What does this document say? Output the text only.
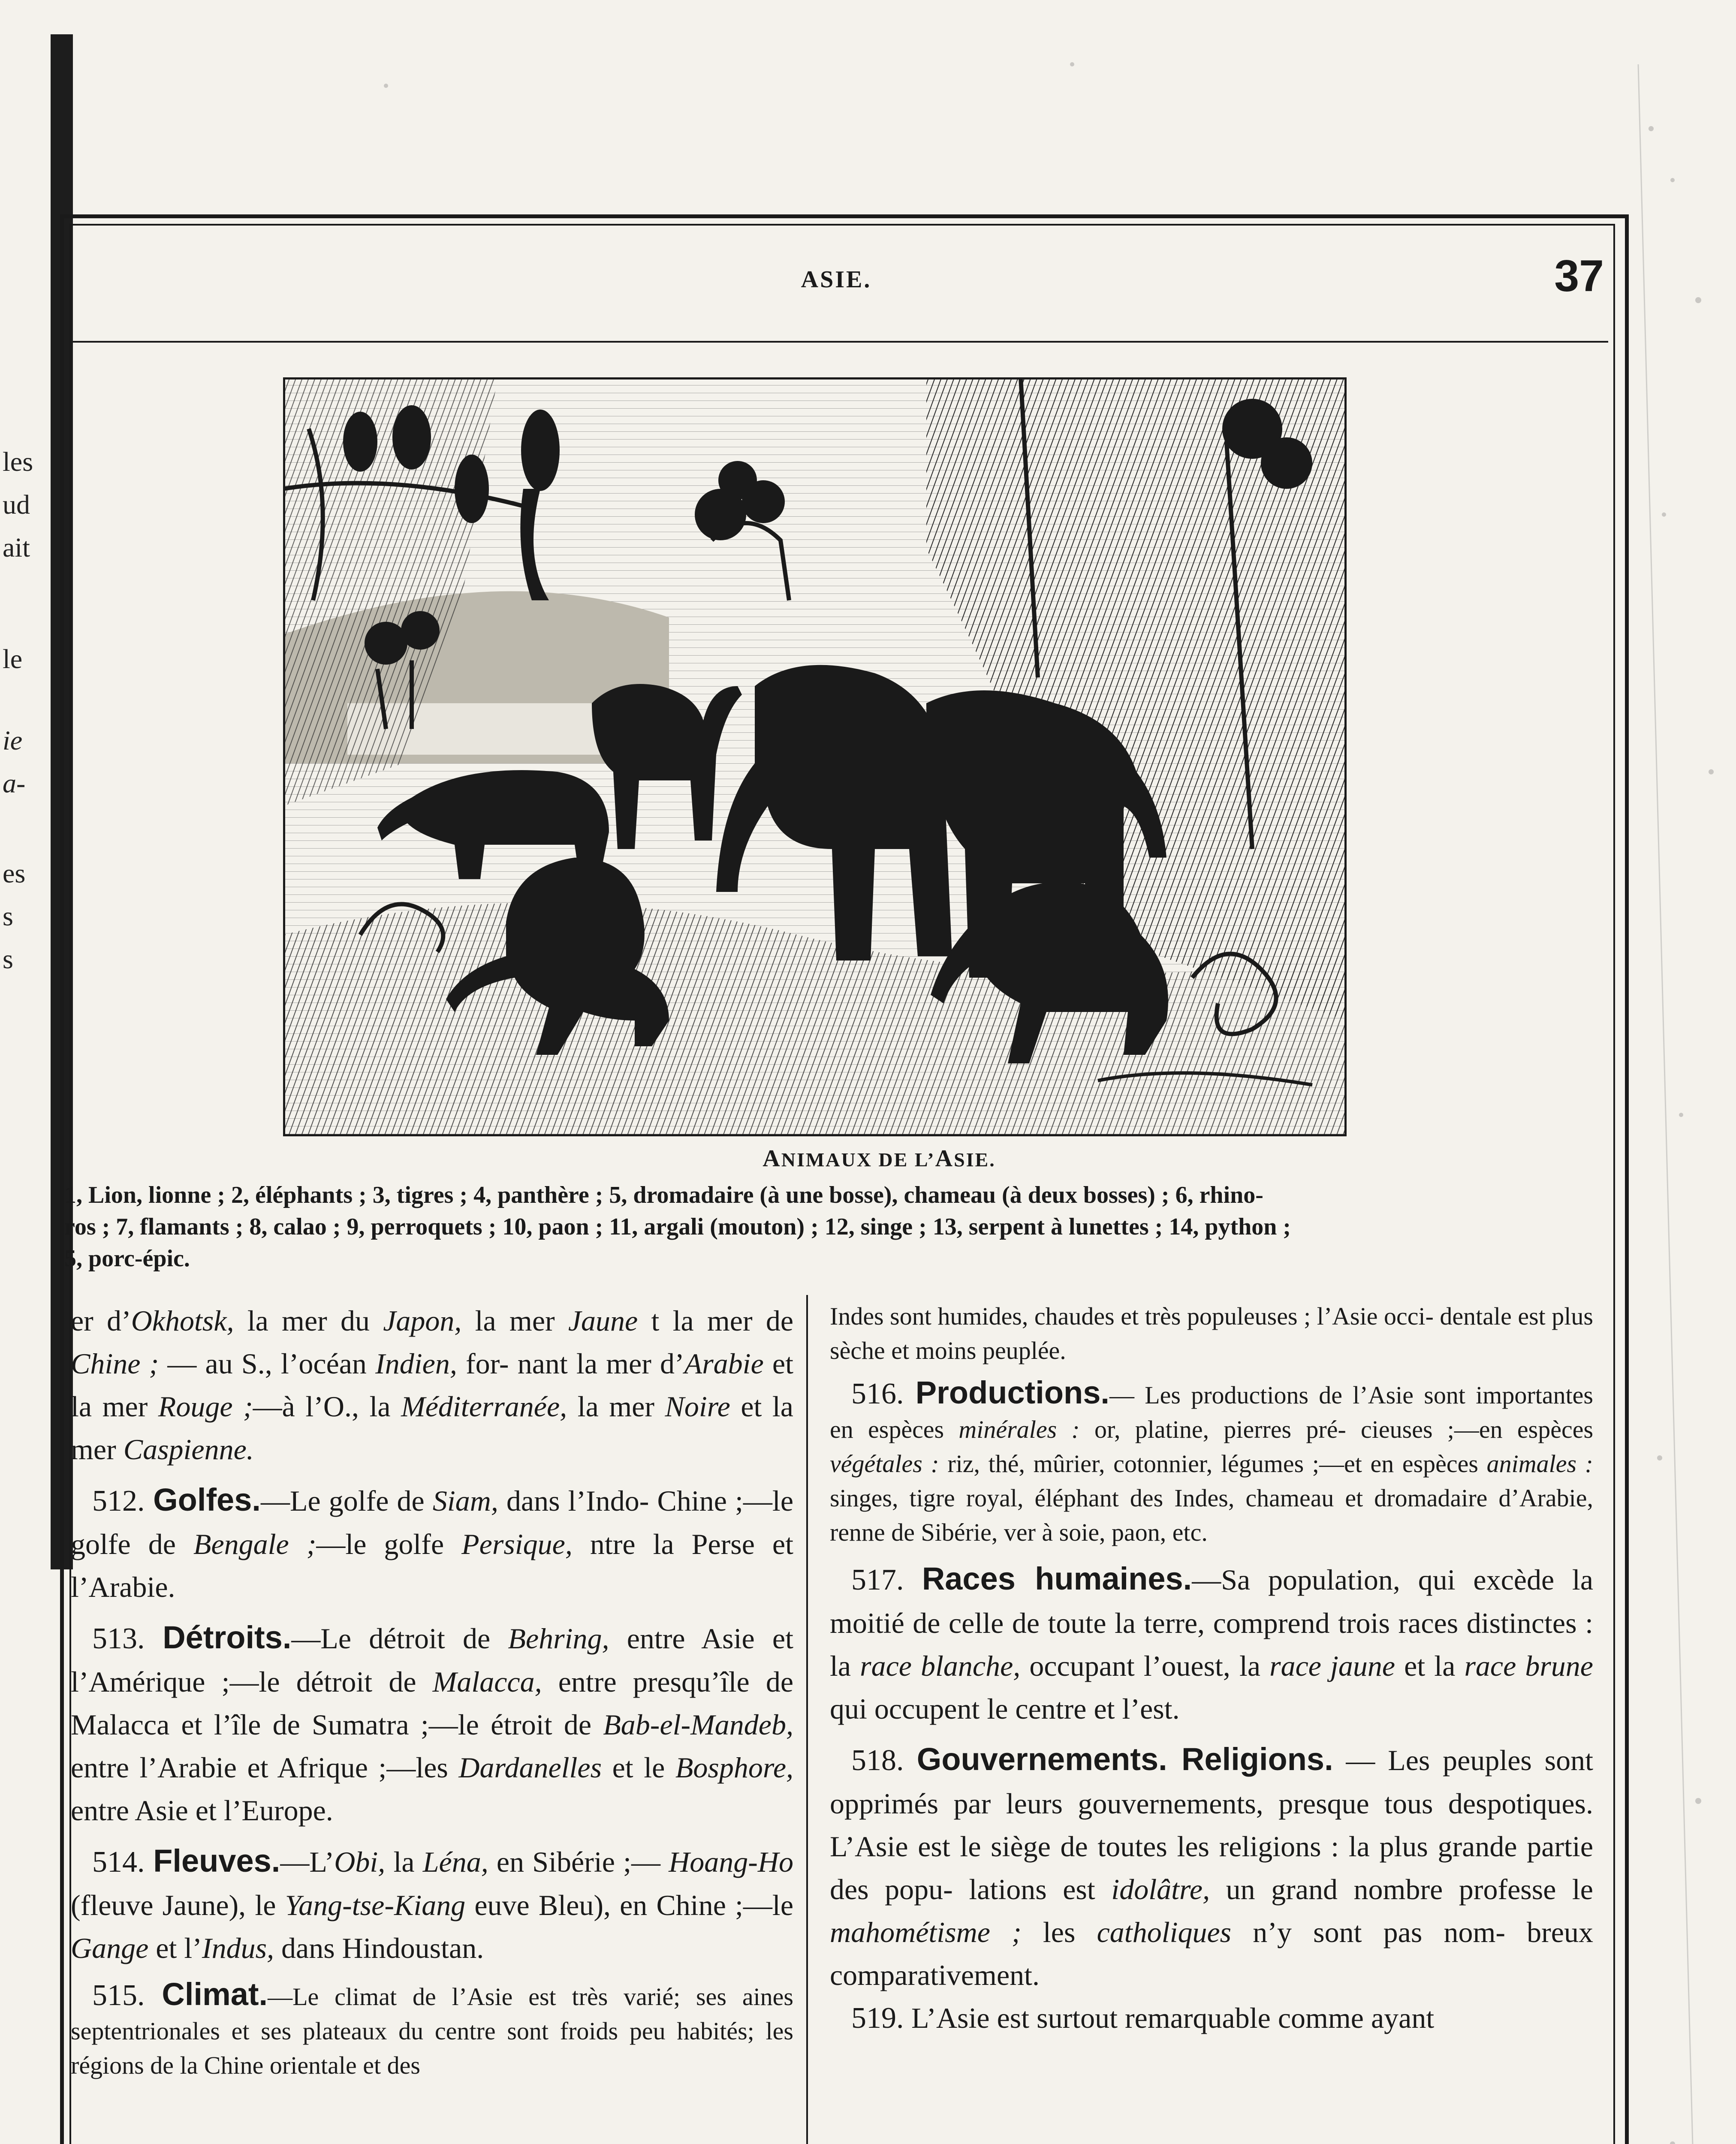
les
ud
ait
le
ie
a-
es
s
s
ASIE.	37
ANIMAUX DE L’ASIE.
1, Lion, lionne ; 2, éléphants ; 3, tigres ; 4, panthère ; 5, dromadaire (à une bosse), chameau (à deux bosses) ; 6, rhino-
ros ; 7, flamants ; 8, calao ; 9, perroquets ; 10, paon ; 11, argali (mouton) ; 12, singe ; 13, serpent à lunettes ; 14, python ;
5, porc-épic.

er d’Okhotsk, la mer du Japon, la mer Jaune t la mer de Chine ; — au S., l’océan Indien, for- nant la mer d’Arabie et la mer Rouge ;—à l’O., la Méditerranée, la mer Noire et la mer Caspienne.

512. Golfes.—Le golfe de Siam, dans l’Indo- Chine ;—le golfe de Bengale ;—le golfe Persique, ntre la Perse et l’Arabie.

513. Détroits.—Le détroit de Behring, entre Asie et l’Amérique ;—le détroit de Malacca, entre presqu’île de Malacca et l’île de Sumatra ;—le étroit de Bab-el-Mandeb, entre l’Arabie et Afrique ;—les Dardanelles et le Bosphore, entre Asie et l’Europe.

514. Fleuves.—L’Obi, la Léna, en Sibérie ;— Hoang-Ho (fleuve Jaune), le Yang-tse-Kiang euve Bleu), en Chine ;—le Gange et l’Indus, dans Hindoustan.

515. Climat.—Le climat de l’Asie est très varié; ses aines septentrionales et ses plateaux du centre sont froids peu habités; les régions de la Chine orientale et des

Indes sont humides, chaudes et très populeuses ; l’Asie occi- dentale est plus sèche et moins peuplée.

516. Productions.— Les productions de l’Asie sont importantes en espèces minérales : or, platine, pierres pré- cieuses ;—en espèces végétales : riz, thé, mûrier, cotonnier, légumes ;—et en espèces animales : singes, tigre royal, éléphant des Indes, chameau et dromadaire d’Arabie, renne de Sibérie, ver à soie, paon, etc.

517. Races humaines.—Sa population, qui excède la moitié de celle de toute la terre, comprend trois races distinctes : la race blanche, occupant l’ouest, la race jaune et la race brune qui occupent le centre et l’est.

518. Gouvernements. Religions. — Les peuples sont opprimés par leurs gouvernements, presque tous despotiques. L’Asie est le siège de toutes les religions : la plus grande partie des popu- lations est idolâtre, un grand nombre professe le mahométisme ; les catholiques n’y sont pas nom- breux comparativement.

519. L’Asie est surtout remarquable comme ayant
